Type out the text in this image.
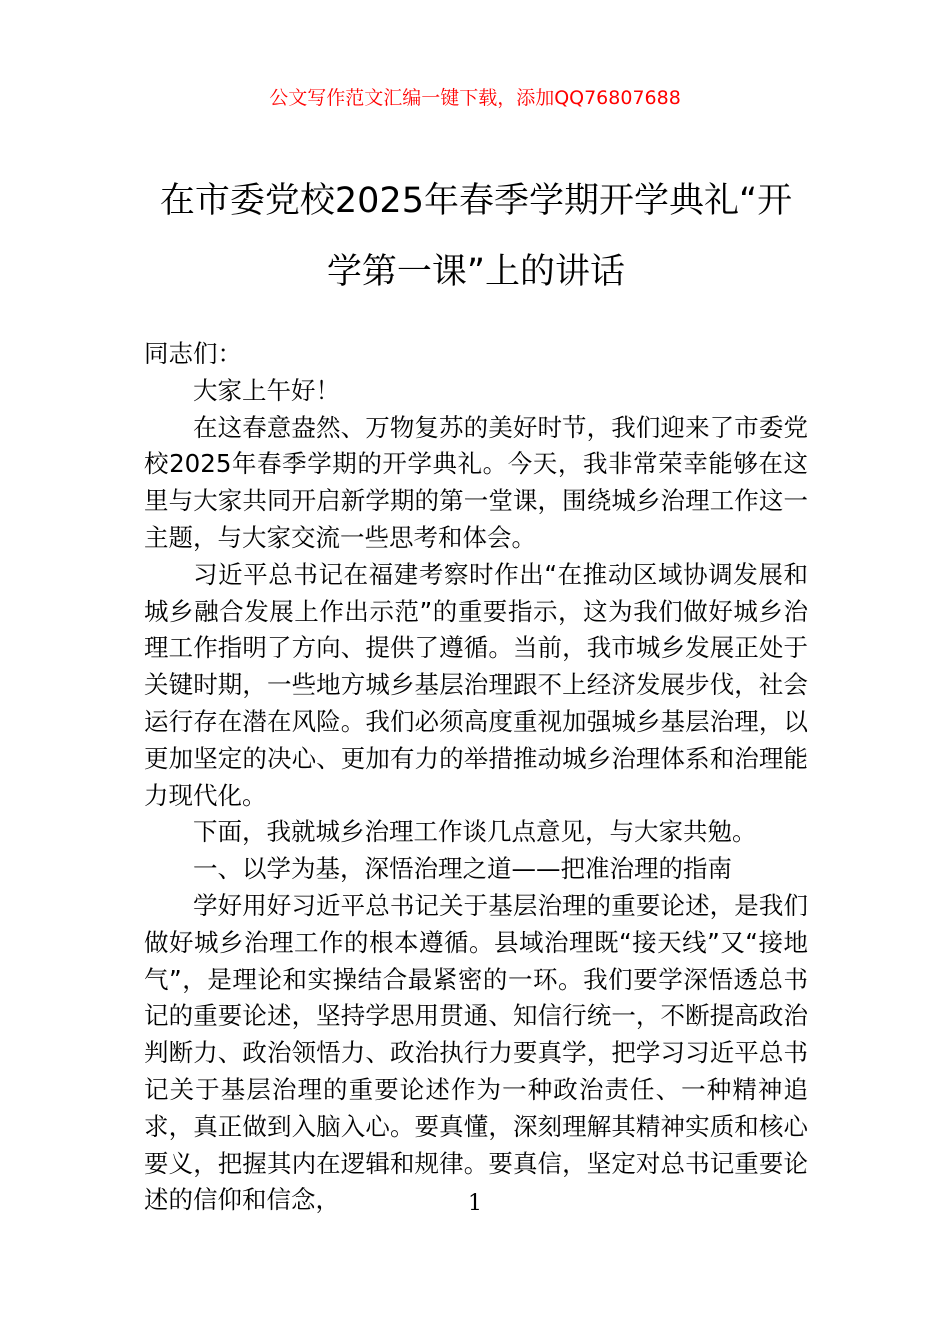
公文写作范文汇编一键下载，添加QQ76807688
在市委党校2025年春季学期开学典礼“开学第一课”上的讲话

同志们：

大家上午好！

在这春意盎然、万物复苏的美好时节，我们迎来了市委党校2025年春季学期的开学典礼。今天，我非常荣幸能够在这里与大家共同开启新学期的第一堂课，围绕城乡治理工作这一主题，与大家交流一些思考和体会。

习近平总书记在福建考察时作出“在推动区域协调发展和城乡融合发展上作出示范”的重要指示，这为我们做好城乡治理工作指明了方向、提供了遵循。当前，我市城乡发展正处于关键时期，一些地方城乡基层治理跟不上经济发展步伐，社会运行存在潜在风险。我们必须高度重视加强城乡基层治理，以更加坚定的决心、更加有力的举措推动城乡治理体系和治理能力现代化。

下面，我就城乡治理工作谈几点意见，与大家共勉。

一、以学为基，深悟治理之道——把准治理的指南

学好用好习近平总书记关于基层治理的重要论述，是我们做好城乡治理工作的根本遵循。县域治理既“接天线”又“接地气”，是理论和实操结合最紧密的一环。我们要学深悟透总书记的重要论述，坚持学思用贯通、知信行统一，不断提高政治判断力、政治领悟力、政治执行力要真学，把学习习近平总书记关于基层治理的重要论述作为一种政治责任、一种精神追求，真正做到入脑入心。要真懂，深刻理解其精神实质和核心要义，把握其内在逻辑和规律。要真信，坚定对总书记重要论述的信仰和信念，	1
